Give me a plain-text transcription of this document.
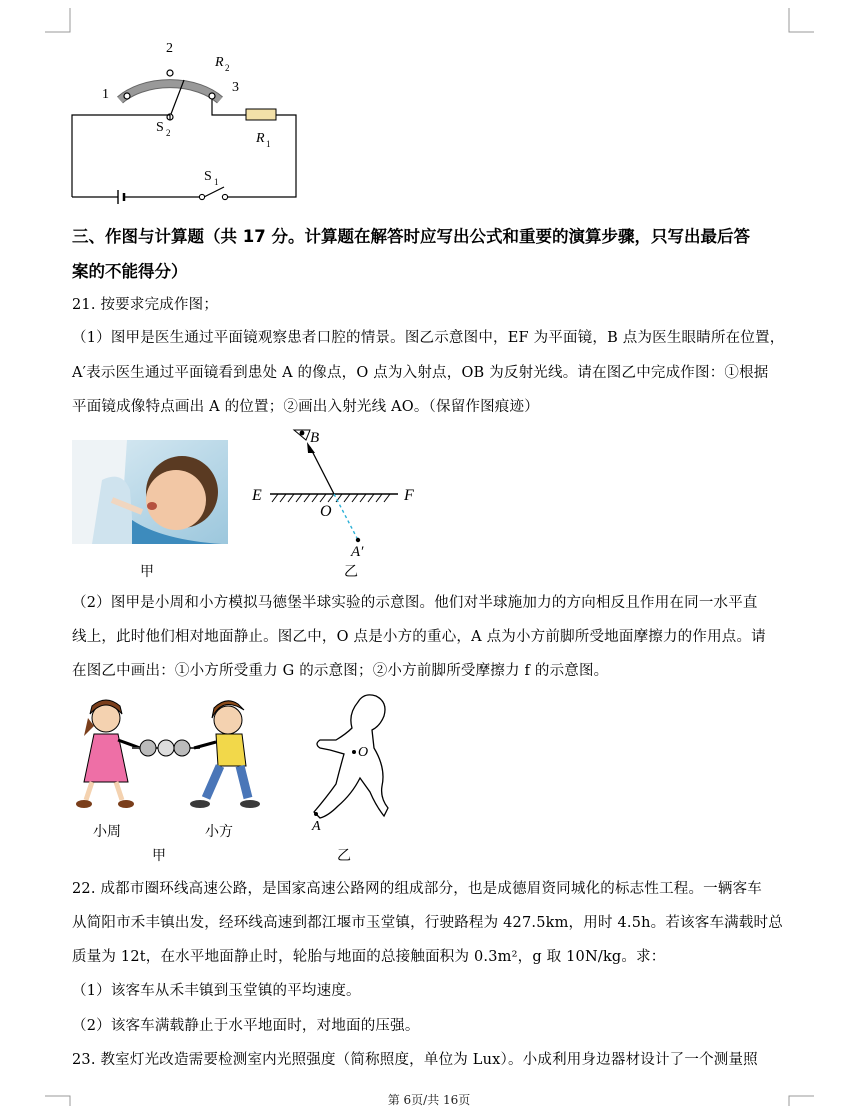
1
2
3
R 2
R 1
S 2
S 1
三、作图与计算题（共 17 分。计算题在解答时应写出公式和重要的演算步骤，只写出最后答
案的不能得分）
21. 按要求完成作图；
（1）图甲是医生通过平面镜观察患者口腔的情景。图乙示意图中，EF 为平面镜，B 点为医生眼睛所在位置，
A′表示医生通过平面镜看到患处 A 的像点，O 点为入射点，OB 为反射光线。请在图乙中完成作图：①根据
平面镜成像特点画出 A 的位置；②画出入射光线 AO。（保留作图痕迹）
甲
B
E	F
O
A′
乙
（2）图甲是小周和小方模拟马德堡半球实验的示意图。他们对半球施加力的方向相反且作用在同一水平直
线上，此时他们相对地面静止。图乙中，O 点是小方的重心，A 点为小方前脚所受地面摩擦力的作用点。请
在图乙中画出：①小方所受重力 G 的示意图；②小方前脚所受摩擦力 f 的示意图。
小周	小方
甲
O
A
乙
22. 成都市圈环线高速公路，是国家高速公路网的组成部分，也是成德眉资同城化的标志性工程。一辆客车
从简阳市禾丰镇出发，经环线高速到都江堰市玉堂镇，行驶路程为 427.5km，用时 4.5h。若该客车满载时总
质量为 12t，在水平地面静止时，轮胎与地面的总接触面积为 0.3m²，g 取 10N/kg。求：
（1）该客车从禾丰镇到玉堂镇的平均速度。
（2）该客车满载静止于水平地面时，对地面的压强。
23. 教室灯光改造需要检测室内光照强度（简称照度，单位为 Lux）。小成利用身边器材设计了一个测量照
第 6页/共 16页
